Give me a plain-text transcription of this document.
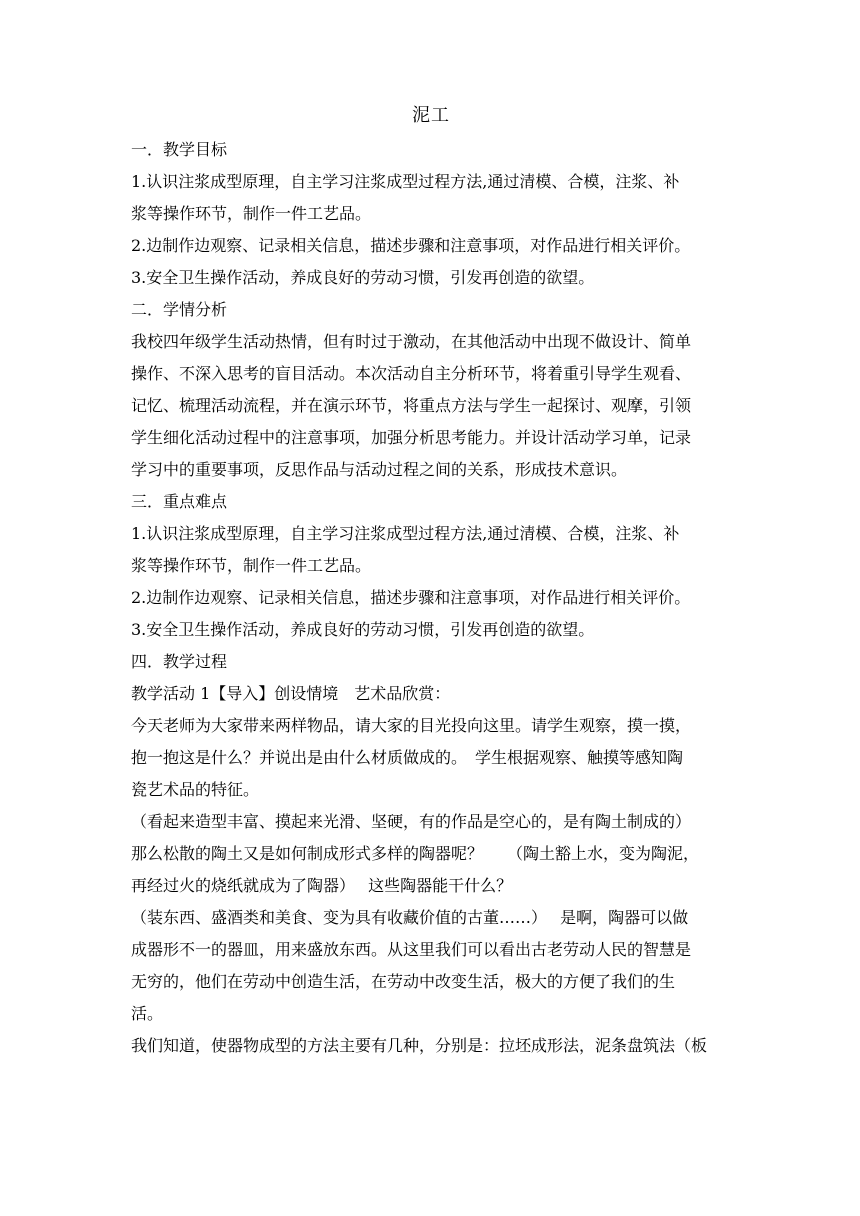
泥工
一．教学目标
1.认识注浆成型原理，自主学习注浆成型过程方法,通过清模、合模，注浆、补
浆等操作环节，制作一件工艺品。
2.边制作边观察、记录相关信息，描述步骤和注意事项，对作品进行相关评价。
3.安全卫生操作活动，养成良好的劳动习惯，引发再创造的欲望。
二．学情分析
我校四年级学生活动热情，但有时过于激动，在其他活动中出现不做设计、简单
操作、不深入思考的盲目活动。本次活动自主分析环节，将着重引导学生观看、
记忆、梳理活动流程，并在演示环节，将重点方法与学生一起探讨、观摩，引领
学生细化活动过程中的注意事项，加强分析思考能力。并设计活动学习单，记录
学习中的重要事项，反思作品与活动过程之间的关系，形成技术意识。
三．重点难点
1.认识注浆成型原理，自主学习注浆成型过程方法,通过清模、合模，注浆、补
浆等操作环节，制作一件工艺品。
2.边制作边观察、记录相关信息，描述步骤和注意事项，对作品进行相关评价。
3.安全卫生操作活动，养成良好的劳动习惯，引发再创造的欲望。
四．教学过程
教学活动 1【导入】创设情境　艺术品欣赏：
今天老师为大家带来两样物品，请大家的目光投向这里。请学生观察，摸一摸，
抱一抱这是什么？并说出是由什么材质做成的。　学生根据观察、触摸等感知陶
瓷艺术品的特征。
（看起来造型丰富、摸起来光滑、坚硬，有的作品是空心的，是有陶土制成的）
那么松散的陶土又是如何制成形式多样的陶器呢？　　（陶土豁上水，变为陶泥，
再经过火的烧纸就成为了陶器）　 这些陶器能干什么？
（装东西、盛酒类和美食、变为具有收藏价值的古董……）　 是啊，陶器可以做
成器形不一的器皿，用来盛放东西。从这里我们可以看出古老劳动人民的智慧是
无穷的，他们在劳动中创造生活，在劳动中改变生活，极大的方便了我们的生
活。
我们知道，使器物成型的方法主要有几种，分别是：拉坯成形法，泥条盘筑法（板
